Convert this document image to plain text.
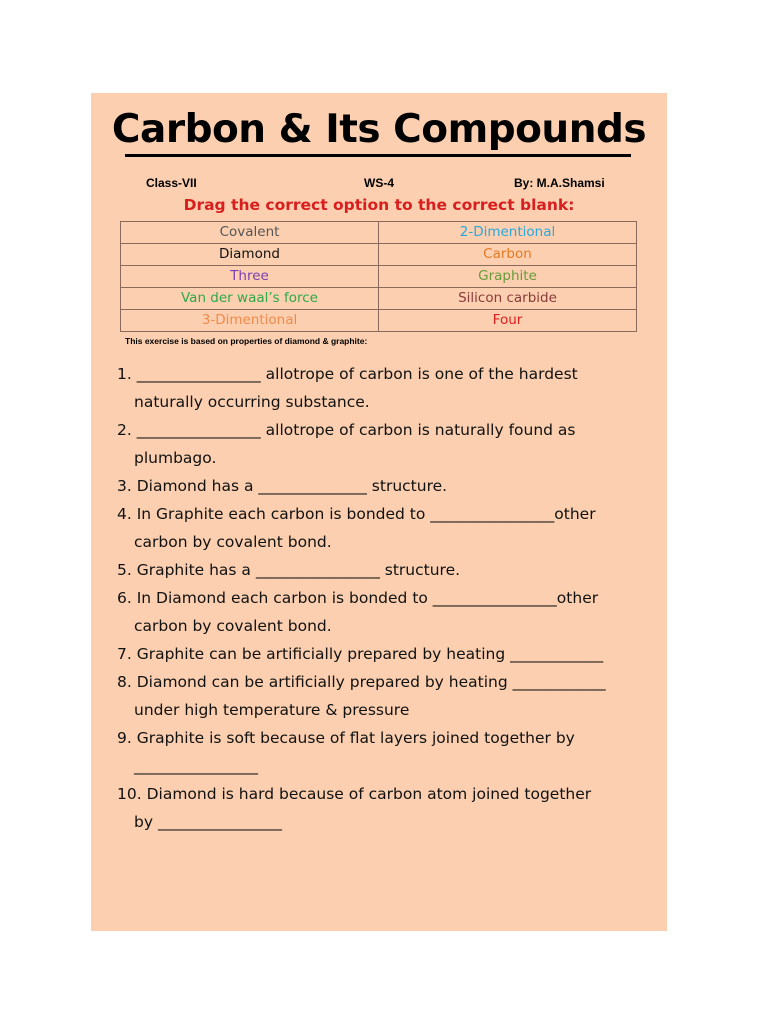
Carbon & Its Compounds
Class-VII	WS-4	By: M.A.Shamsi
Drag the correct option to the correct blank:
Covalent	2-Dimentional
Diamond	Carbon
Three	Graphite
Van der waal’s force	Silicon carbide
3-Dimentional	Four
This exercise is based on properties of diamond & graphite:
1. ________________ allotrope of carbon is one of the hardest
naturally occurring substance.
2. ________________ allotrope of carbon is naturally found as
plumbago.
3. Diamond has a ______________ structure.
4. In Graphite each carbon is bonded to ________________other
carbon by covalent bond.
5. Graphite has a ________________ structure.
6. In Diamond each carbon is bonded to ________________other
carbon by covalent bond.
7. Graphite can be artificially prepared by heating ____________
8. Diamond can be artificially prepared by heating ____________
under high temperature & pressure
9. Graphite is soft because of flat layers joined together by
________________
10. Diamond is hard because of carbon atom joined together
by ________________
